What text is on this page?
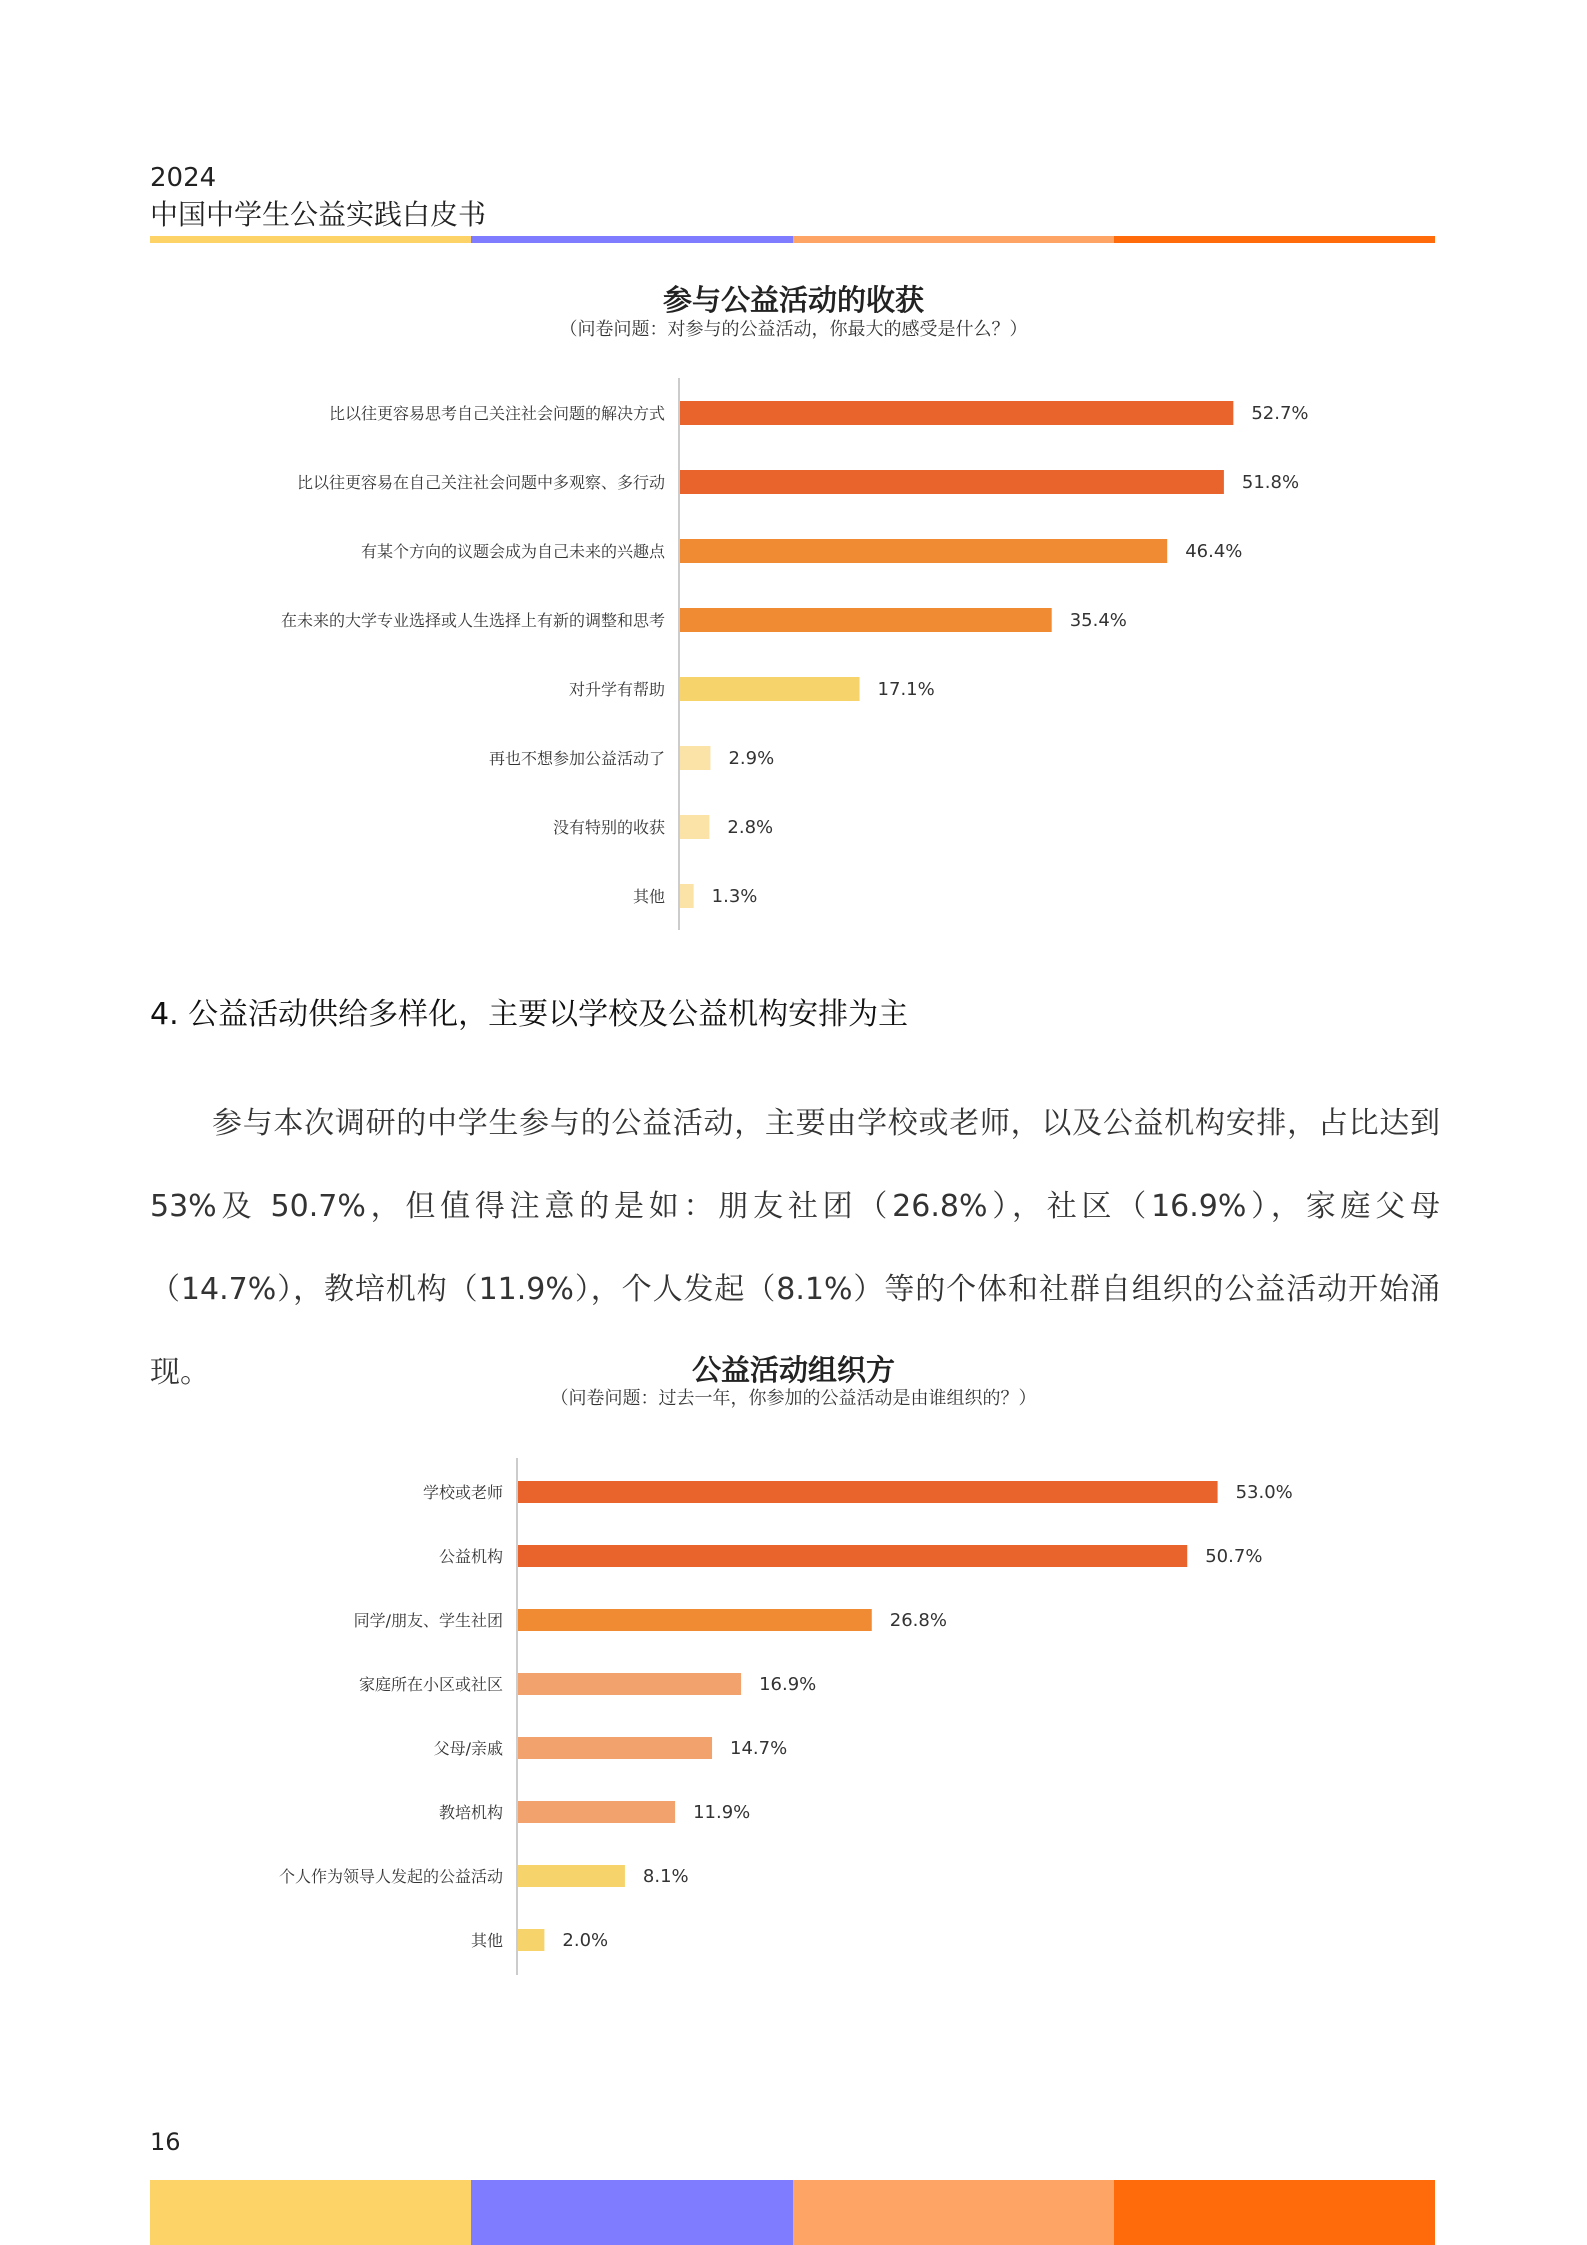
2024
中国中学生公益实践白皮书
参与公益活动的收获
（问卷问题：对参与的公益活动，你最大的感受是什么？）
比以往更容易思考自己关注社会问题的解决方式	52.7%
比以往更容易在自己关注社会问题中多观察、多行动	51.8%
有某个方向的议题会成为自己未来的兴趣点	46.4%
在未来的大学专业选择或人生选择上有新的调整和思考	35.4%
对升学有帮助	17.1%
再也不想参加公益活动了	2.9%
没有特别的收获	2.8%
其他	1.3%
4. 公益活动供给多样化，主要以学校及公益机构安排为主

参与本次调研的中学生参与的公益活动，主要由学校或老师，以及公益机构安排，占比达到 53%及 50.7%，但值得注意的是如：朋友社团（26.8%），社区（16.9%），家庭父母（14.7%），教培机构（11.9%），个人发起（8.1%）等的个体和社群自组织的公益活动开始涌现。	公益活动组织方
（问卷问题：过去一年，你参加的公益活动是由谁组织的？）
学校或老师	53.0%
公益机构	50.7%
同学/朋友、学生社团	26.8%
家庭所在小区或社区	16.9%
父母/亲戚	14.7%
教培机构	11.9%
个人作为领导人发起的公益活动	8.1%
其他	2.0%
16
